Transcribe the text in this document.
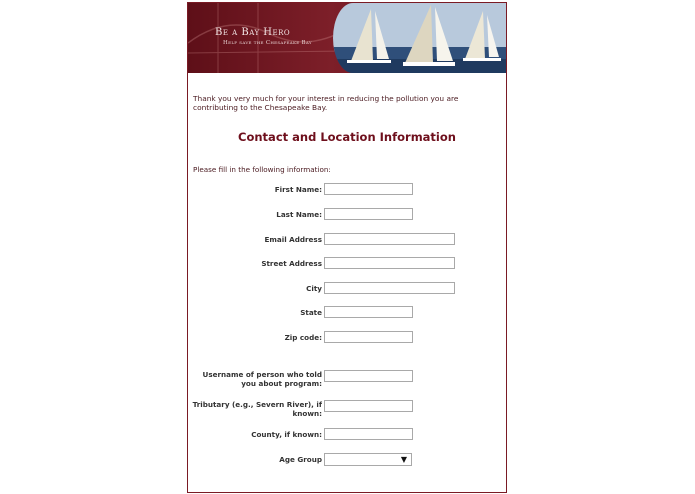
Be a Bay Hero
Help save the Chesapeake Bay
Thank you very much for your interest in reducing the pollution you are contributing to the Chesapeake Bay.
Contact and Location Information
Please fill in the following information:
First Name:
Last Name:
Email Address
Street Address
City
State
Zip code:
Username of person who told you about program:
Tributary (e.g., Severn River), if known:
County, if known:
Age Group	▼
